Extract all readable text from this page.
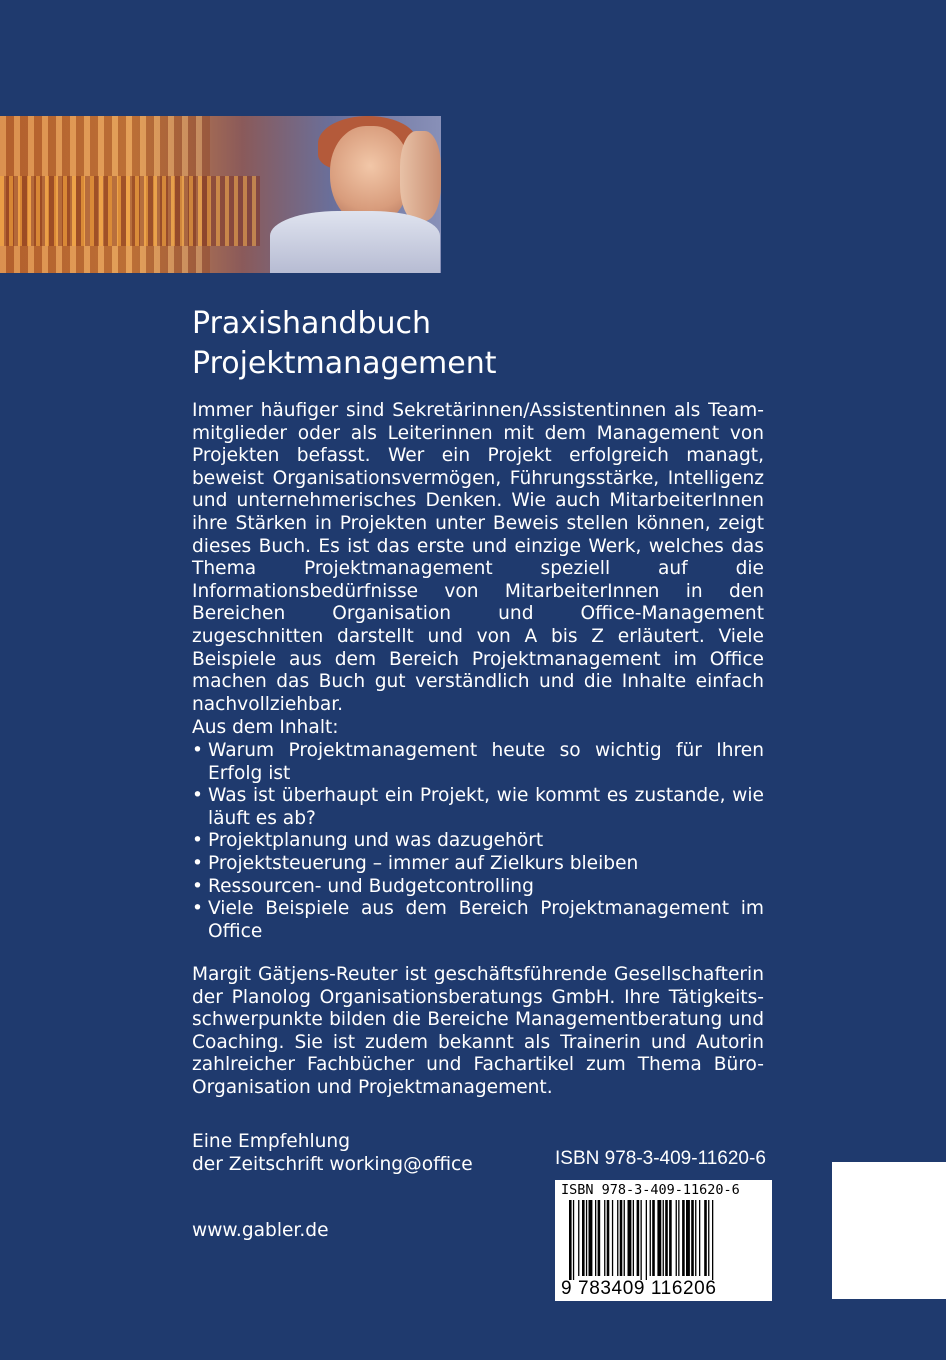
Praxishandbuch
Projektmanagement

Immer häufiger sind Sekretärinnen/Assistentinnen als Teammitglieder oder als Leiterinnen mit dem Management von Projekten befasst. Wer ein Projekt erfolgreich managt, beweist Organisationsvermögen, Führungsstärke, Intelligenz und unternehmerisches Denken. Wie auch MitarbeiterInnen ihre Stärken in Projekten unter Beweis stellen können, zeigt dieses Buch. Es ist das erste und einzige Werk, welches das Thema Projektmanagement speziell auf die Informationsbedürfnisse von MitarbeiterInnen in den Bereichen Organisation und Office-Management zugeschnitten darstellt und von A bis Z erläutert. Viele Beispiele aus dem Bereich Projektmanagement im Office machen das Buch gut verständlich und die Inhalte einfach nachvollziehbar.

Aus dem Inhalt:
• Warum Projektmanagement heute so wichtig für Ihren Erfolg ist
• Was ist überhaupt ein Projekt, wie kommt es zustande, wie läuft es ab?
• Projektplanung und was dazugehört
• Projektsteuerung – immer auf Zielkurs bleiben
• Ressourcen- und Budgetcontrolling
• Viele Beispiele aus dem Bereich Projektmanagement im Office

Margit Gätjens-Reuter ist geschäftsführende Gesellschafterin der Planolog Organisationsberatungs GmbH. Ihre Tätigkeitsschwerpunkte bilden die Bereiche Managementberatung und Coaching. Sie ist zudem bekannt als Trainerin und Autorin zahlreicher Fachbücher und Fachartikel zum Thema Büro-Organisation und Projektmanagement.

Eine Empfehlung
der Zeitschrift working@office
www.gabler.de
ISBN 978-3-409-11620-6
ISBN 978-3-409-11620-6
9 783409 116206
